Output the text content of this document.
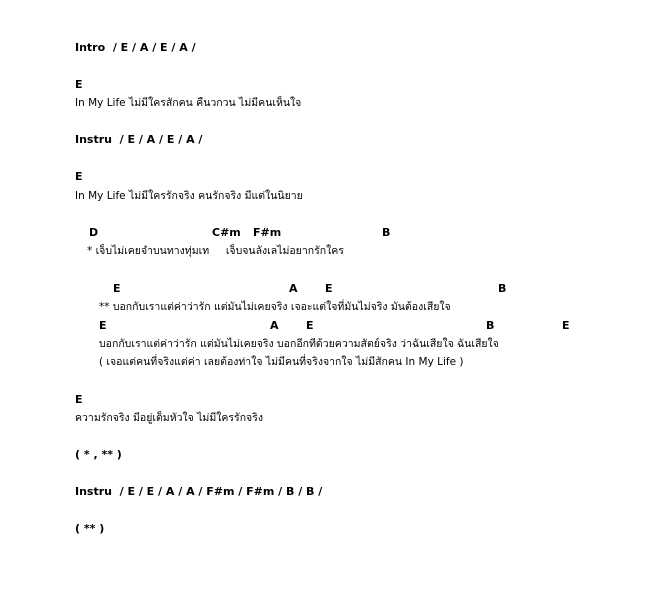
Intro  / E / A / E / A /

E

In My Life ไม่มีใครสักคน คืนวกวน ไม่มีคนเห็นใจ

Instru  / E / A / E / A /

E

In My Life ไม่มีใครรักจริง คนรักจริง มีแต่ในนิยาย

D	C#m F#m	B

* เจ็บไม่เคยจำบนทางทุ่มเท     เจ็บจนลังเลไม่อยากรักใคร

E	A E	B

** บอกกับเราแต่ค่าว่ารัก แต่มันไม่เคยจริง เจอะแต่ใจที่มันไม่จริง มันต้องเสียใจ

E	A E	B	E

บอกกับเราแต่ค่าว่ารัก แต่มันไม่เคยจริง บอกอีกทีด้วยความสัตย์จริง ว่าฉันเสียใจ ฉันเสียใจ

( เจอแต่คนที่จริงแต่ค่า เลยต้องท่าใจ ไม่มีคนที่จริงจากใจ ไม่มีสักคน In My Life )

E

ความรักจริง มีอยู่เต็มหัวใจ ไม่มีใครรักจริง

( * , ** )

Instru  / E / E / A / A / F#m / F#m / B / B /

( ** )
